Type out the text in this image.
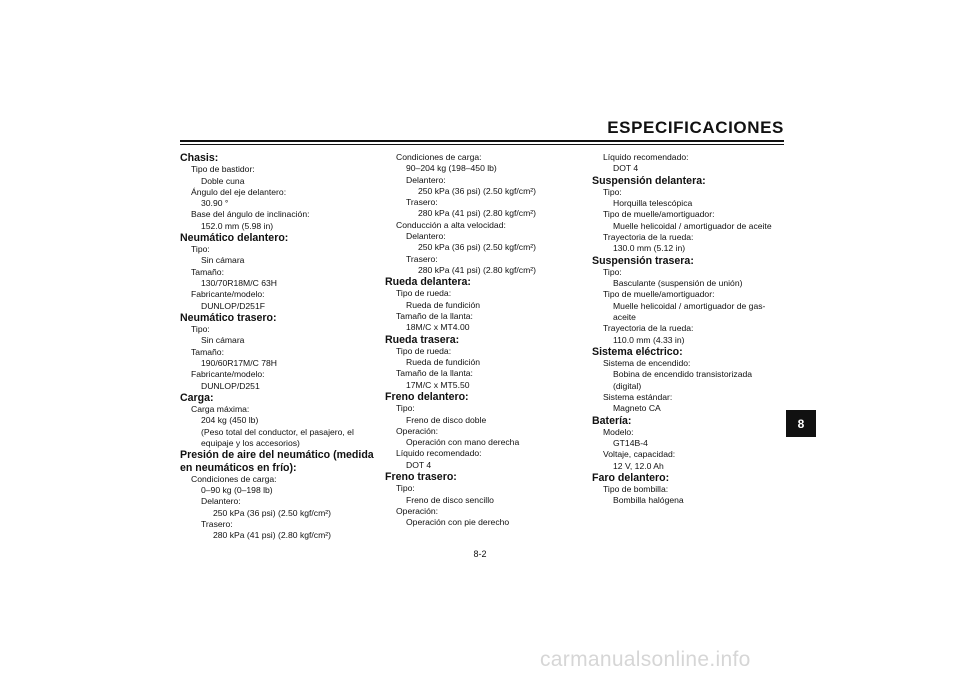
ESPECIFICACIONES
Chasis:
Tipo de bastidor:
Doble cuna
Ángulo del eje delantero:
30.90 °
Base del ángulo de inclinación:
152.0 mm (5.98 in)
Neumático delantero:
Tipo:
Sin cámara
Tamaño:
130/70R18M/C 63H
Fabricante/modelo:
DUNLOP/D251F
Neumático trasero:
Tipo:
Sin cámara
Tamaño:
190/60R17M/C 78H
Fabricante/modelo:
DUNLOP/D251
Carga:
Carga máxima:
204 kg (450 lb)
(Peso total del conductor, el pasajero, el
equipaje y los accesorios)
Presión de aire del neumático (medida
en neumáticos en frío):
Condiciones de carga:
0–90 kg (0–198 lb)
Delantero:
250 kPa (36 psi) (2.50 kgf/cm²)
Trasero:
280 kPa (41 psi) (2.80 kgf/cm²)
Condiciones de carga:
90–204 kg (198–450 lb)
Delantero:
250 kPa (36 psi) (2.50 kgf/cm²)
Trasero:
280 kPa (41 psi) (2.80 kgf/cm²)
Conducción a alta velocidad:
Delantero:
250 kPa (36 psi) (2.50 kgf/cm²)
Trasero:
280 kPa (41 psi) (2.80 kgf/cm²)
Rueda delantera:
Tipo de rueda:
Rueda de fundición
Tamaño de la llanta:
18M/C x MT4.00
Rueda trasera:
Tipo de rueda:
Rueda de fundición
Tamaño de la llanta:
17M/C x MT5.50
Freno delantero:
Tipo:
Freno de disco doble
Operación:
Operación con mano derecha
Líquido recomendado:
DOT 4
Freno trasero:
Tipo:
Freno de disco sencillo
Operación:
Operación con pie derecho
Líquido recomendado:
DOT 4
Suspensión delantera:
Tipo:
Horquilla telescópica
Tipo de muelle/amortiguador:
Muelle helicoidal / amortiguador de aceite
Trayectoria de la rueda:
130.0 mm (5.12 in)
Suspensión trasera:
Tipo:
Basculante (suspensión de unión)
Tipo de muelle/amortiguador:
Muelle helicoidal / amortiguador de gas-
aceite
Trayectoria de la rueda:
110.0 mm (4.33 in)
Sistema eléctrico:
Sistema de encendido:
Bobina de encendido transistorizada
(digital)
Sistema estándar:
Magneto CA
Batería:
Modelo:
GT14B-4
Voltaje, capacidad:
12 V, 12.0 Ah
Faro delantero:
Tipo de bombilla:
Bombilla halógena
8
8-2
carmanualsonline.info
